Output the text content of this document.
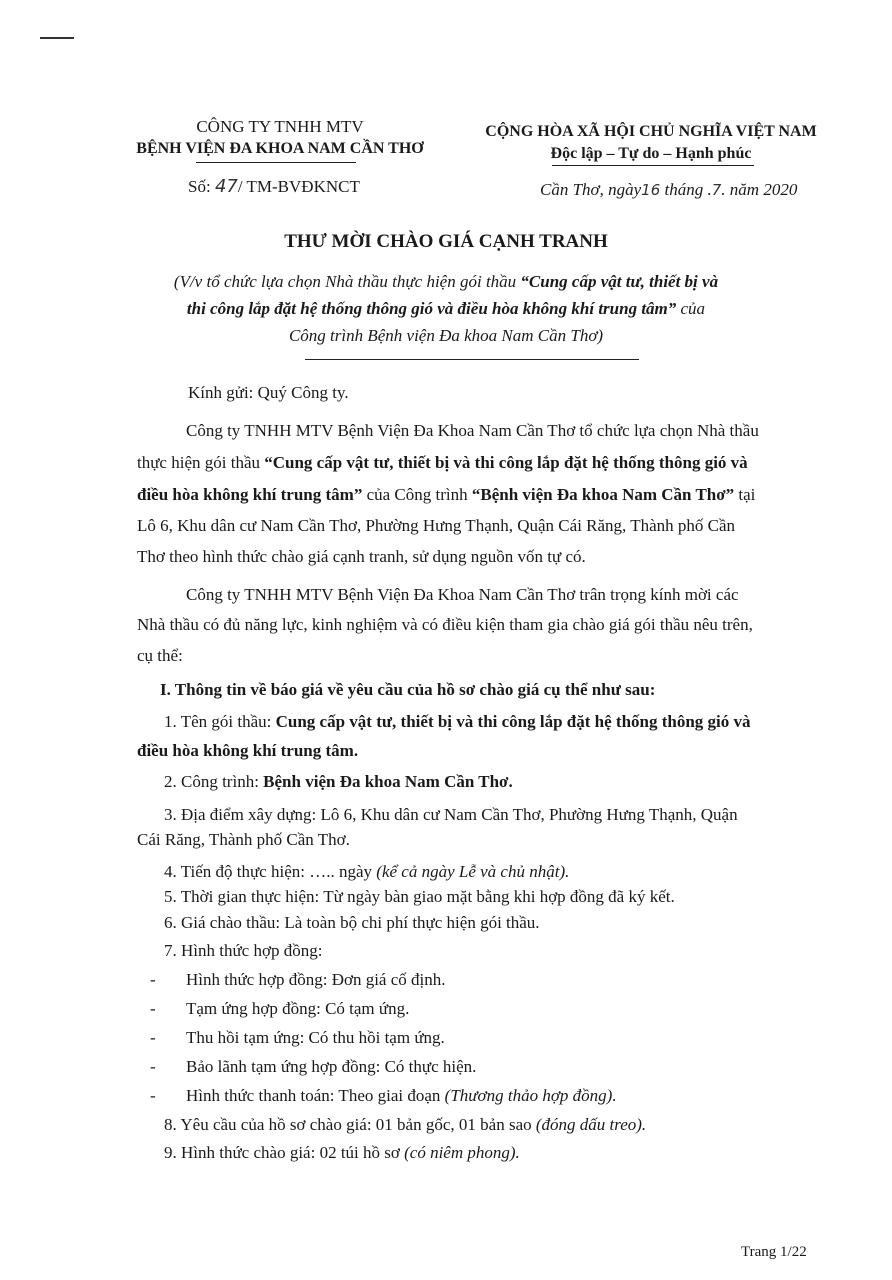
CÔNG TY TNHH MTV
BỆNH VIỆN ĐA KHOA NAM CẦN THƠ
CỘNG HÒA XÃ HỘI CHỦ NGHĨA VIỆT NAM
Độc lập – Tự do – Hạnh phúc
Số: 47/ TM-BVĐKNCT	Cần Thơ, ngày16 tháng .7. năm 2020
THƯ MỜI CHÀO GIÁ CẠNH TRANH
(V/v tổ chức lựa chọn Nhà thầu thực hiện gói thầu “Cung cấp vật tư, thiết bị và
thi công lắp đặt hệ thống thông gió và điều hòa không khí trung tâm” của
Công trình Bệnh viện Đa khoa Nam Cần Thơ)
Kính gửi: Quý Công ty.
Công ty TNHH MTV Bệnh Viện Đa Khoa Nam Cần Thơ tổ chức lựa chọn Nhà thầu
thực hiện gói thầu “Cung cấp vật tư, thiết bị và thi công lắp đặt hệ thống thông gió và
điều hòa không khí trung tâm” của Công trình “Bệnh viện Đa khoa Nam Cần Thơ” tại
Lô 6, Khu dân cư Nam Cần Thơ, Phường Hưng Thạnh, Quận Cái Răng, Thành phố Cần
Thơ theo hình thức chào giá cạnh tranh, sử dụng nguồn vốn tự có.
Công ty TNHH MTV Bệnh Viện Đa Khoa Nam Cần Thơ trân trọng kính mời các
Nhà thầu có đủ năng lực, kinh nghiệm và có điều kiện tham gia chào giá gói thầu nêu trên,
cụ thể:
I. Thông tin về báo giá về yêu cầu của hồ sơ chào giá cụ thể như sau:
1. Tên gói thầu: Cung cấp vật tư, thiết bị và thi công lắp đặt hệ thống thông gió và
điều hòa không khí trung tâm.
2. Công trình: Bệnh viện Đa khoa Nam Cần Thơ.
3. Địa điểm xây dựng: Lô 6, Khu dân cư Nam Cần Thơ, Phường Hưng Thạnh, Quận
Cái Răng, Thành phố Cần Thơ.
4. Tiến độ thực hiện: ….. ngày (kể cả ngày Lễ và chủ nhật).
5. Thời gian thực hiện: Từ ngày bàn giao mặt bằng khi hợp đồng đã ký kết.
6. Giá chào thầu: Là toàn bộ chi phí thực hiện gói thầu.
7. Hình thức hợp đồng:
- Hình thức hợp đồng: Đơn giá cố định.
- Tạm ứng hợp đồng: Có tạm ứng.
- Thu hồi tạm ứng: Có thu hồi tạm ứng.
- Bảo lãnh tạm ứng hợp đồng: Có thực hiện.
- Hình thức thanh toán: Theo giai đoạn (Thương thảo hợp đồng).
8. Yêu cầu của hồ sơ chào giá: 01 bản gốc, 01 bản sao (đóng dấu treo).
9. Hình thức chào giá: 02 túi hồ sơ (có niêm phong).
Trang 1/22
